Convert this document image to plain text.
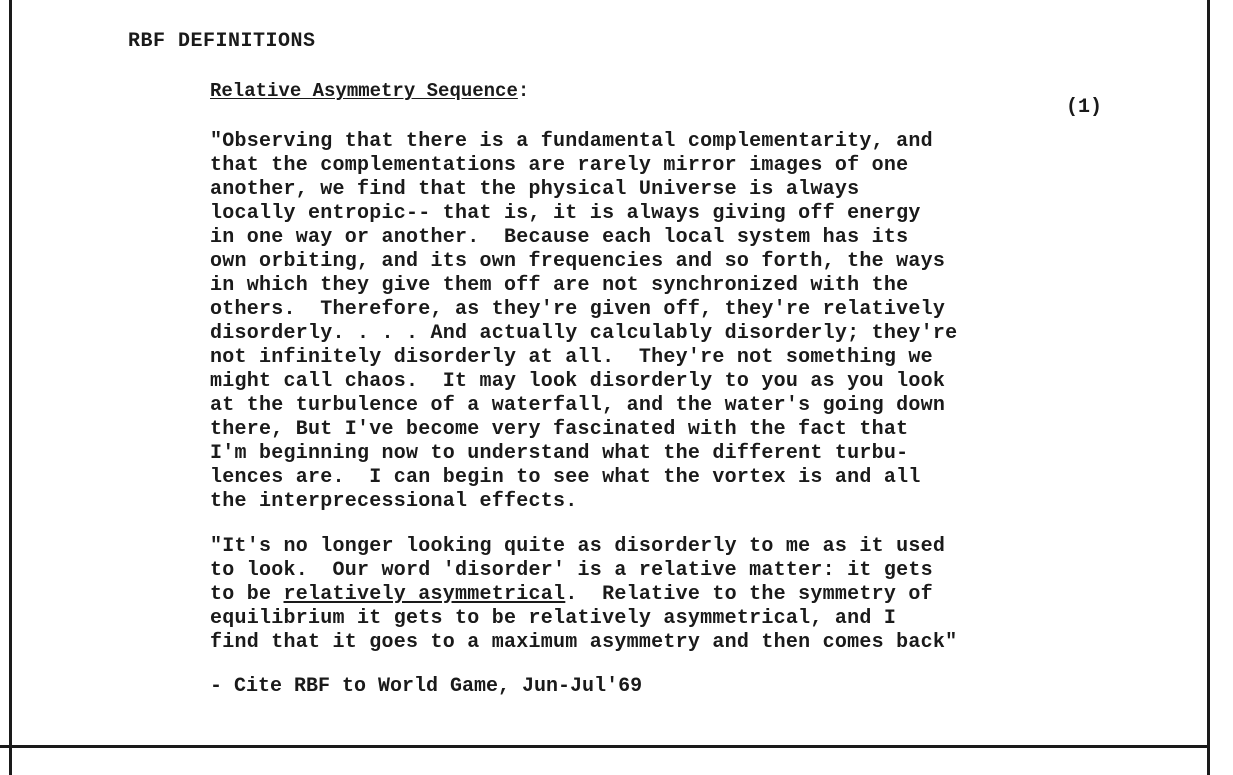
RBF DEFINITIONS
Relative Asymmetry Sequence:
(1)

"Observing that there is a fundamental complementarity, and
that the complementations are rarely mirror images of one
another, we find that the physical Universe is always
locally entropic-- that is, it is always giving off energy
in one way or another.  Because each local system has its
own orbiting, and its own frequencies and so forth, the ways
in which they give them off are not synchronized with the
others.  Therefore, as they're given off, they're relatively
disorderly. . . . And actually calculably disorderly; they're
not infinitely disorderly at all.  They're not something we
might call chaos.  It may look disorderly to you as you look
at the turbulence of a waterfall, and the water's going down
there, But I've become very fascinated with the fact that
I'm beginning now to understand what the different turbu-
lences are.  I can begin to see what the vortex is and all
the interprecessional effects.

"It's no longer looking quite as disorderly to me as it used
to look.  Our word 'disorder' is a relative matter: it gets
to be relatively asymmetrical.  Relative to the symmetry of
equilibrium it gets to be relatively asymmetrical, and I
find that it goes to a maximum asymmetry and then comes back"

- Cite RBF to World Game, Jun-Jul'69
